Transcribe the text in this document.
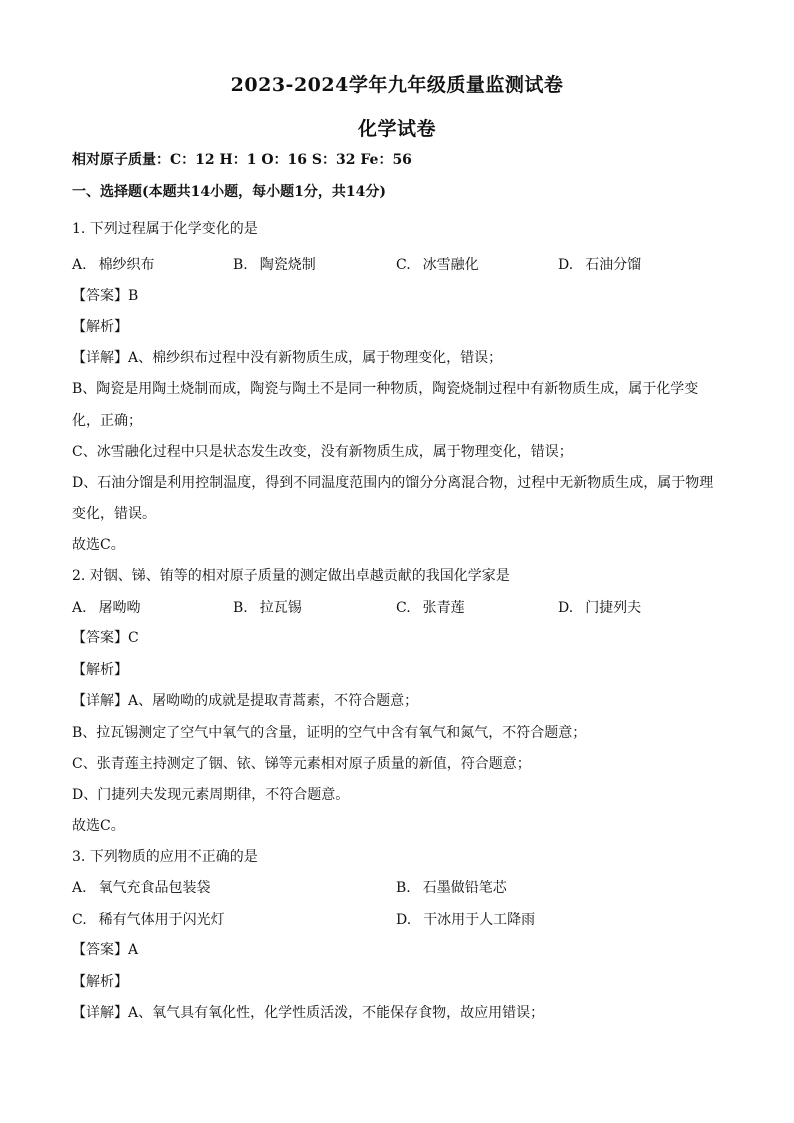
2023-2024学年九年级质量监测试卷
化学试卷
相对原子质量：C：12 H：1 O：16 S：32 Fe：56
一、选择题(本题共14小题，每小题1分，共14分)
1. 下列过程属于化学变化的是
A. 棉纱织布	B. 陶瓷烧制	C. 冰雪融化	D. 石油分馏
【答案】B
【解析】
【详解】A、棉纱织布过程中没有新物质生成，属于物理变化，错误；
B、陶瓷是用陶土烧制而成，陶瓷与陶土不是同一种物质，陶瓷烧制过程中有新物质生成，属于化学变
化，正确；
C、冰雪融化过程中只是状态发生改变，没有新物质生成，属于物理变化，错误；
D、石油分馏是利用控制温度，得到不同温度范围内的馏分分离混合物，过程中无新物质生成，属于物理
变化，错误。
故选C。
2. 对铟、锑、铕等的相对原子质量的测定做出卓越贡献的我国化学家是
A. 屠呦呦	B. 拉瓦锡	C. 张青莲	D. 门捷列夫
【答案】C
【解析】
【详解】A、屠呦呦的成就是提取青蒿素，不符合题意；
B、拉瓦锡测定了空气中氧气的含量，证明的空气中含有氧气和氮气，不符合题意；
C、张青莲主持测定了铟、铱、锑等元素相对原子质量的新值，符合题意；
D、门捷列夫发现元素周期律，不符合题意。
故选C。
3. 下列物质的应用不正确的是
A. 氧气充食品包装袋	B. 石墨做铅笔芯
C. 稀有气体用于闪光灯	D. 干冰用于人工降雨
【答案】A
【解析】
【详解】A、氧气具有氧化性，化学性质活泼，不能保存食物，故应用错误；
